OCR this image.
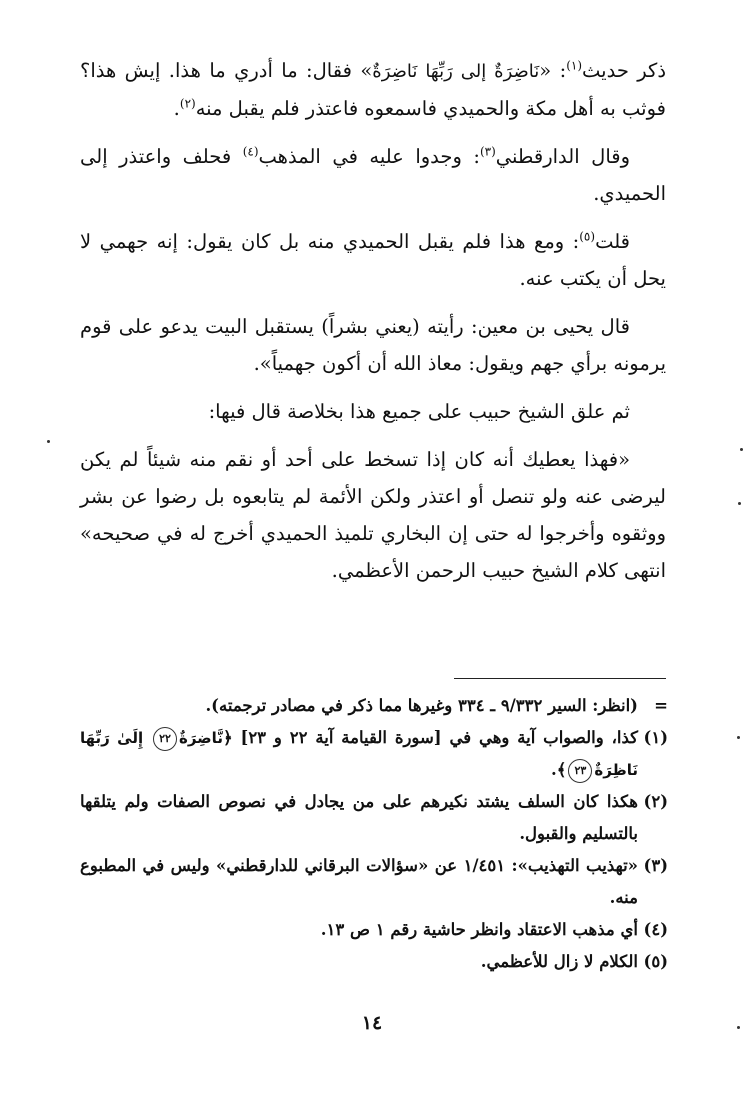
ذكر حديث$^{(١)}$: «نَاضِرَةٌ إلى رَبِّهَا نَاضِرَةٌ» فقال: ما أدري ما هذا. إيش هذا؟ فوثب به أهل مكة والحميدي فاسمعوه فاعتذر فلم يقبل منه$^{(٢)}$.

وقال الدارقطني$^{(٣)}$: وجدوا عليه في المذهب$^{(٤)}$ فحلف واعتذر إلى الحميدي.

قلت$^{(٥)}$: ومع هذا فلم يقبل الحميدي منه بل كان يقول: إنه جهمي لا يحل أن يكتب عنه.

قال يحيى بن معين: رأيته (يعني بشراً) يستقبل البيت يدعو على قوم يرمونه برأي جهم ويقول: معاذ الله أن أكون جهمياً».

ثم علق الشيخ حبيب على جميع هذا بخلاصة قال فيها:

«فهذا يعطيك أنه كان إذا تسخط على أحد أو نقم منه شيئاً لم يكن ليرضى عنه ولو تنصل أو اعتذر ولكن الأئمة لم يتابعوه بل رضوا عن بشر ووثقوه وأخرجوا له حتى إن البخاري تلميذ الحميدي أخرج له في صحيحه» انتهى كلام الشيخ حبيب الرحمن الأعظمي.

=
(انظر: السير ٩/٣٣٢ ـ ٣٣٤ وغيرها مما ذكر في مصادر ترجمته).
(١)
كذا، والصواب آية وهي في [سورة القيامة آية ٢٢ و ٢٣] ﴿نَّاضِرَةٌ٢٢ إِلَىٰ رَبِّهَا نَاظِرَةٌ٢٣﴾.
(٢)
هكذا كان السلف يشتد نكيرهم على من يجادل في نصوص الصفات ولم يتلقها بالتسليم والقبول.
(٣)
«تهذيب التهذيب»: ١/٤٥١ عن «سؤالات البرقاني للدارقطني» وليس في المطبوع منه.
(٤)
أي مذهب الاعتقاد وانظر حاشية رقم ١ ص ١٣.
(٥)
الكلام لا زال للأعظمي.
١٤
